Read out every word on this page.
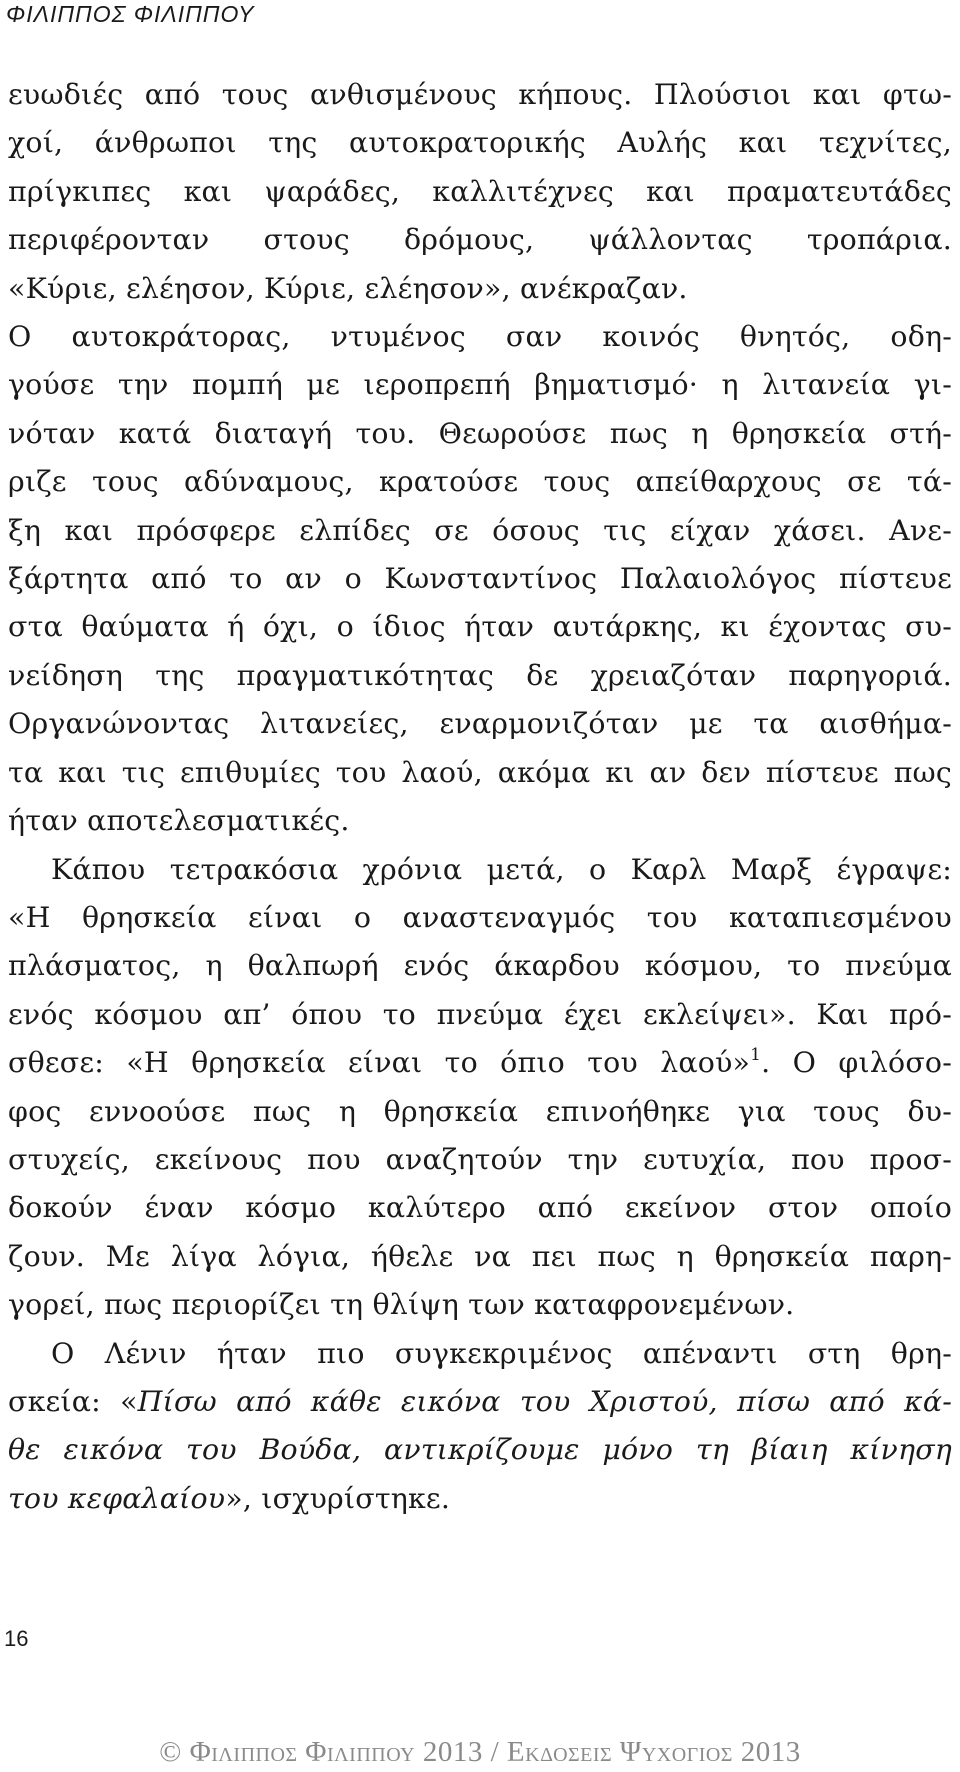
ΦΙΛΙΠΠΟΣ ΦΙΛΙΠΠΟΥ

ευωδιές από τους ανθισμένους κήπους. Πλούσιοι και φτω-

χοί, άνθρωποι της αυτοκρατορικής Αυλής και τεχνίτες,

πρίγκιπες και ψαράδες, καλλιτέχνες και πραματευτάδες

περιφέρονταν στους δρόμους, ψάλλοντας τροπάρια.

«Κύριε, ελέησον, Κύριε, ελέησον», ανέκραζαν.

Ο αυτοκράτορας, ντυμένος σαν κοινός θνητός, οδη-

γούσε την πομπή με ιεροπρεπή βηματισμό· η λιτανεία γι-

νόταν κατά διαταγή του. Θεωρούσε πως η θρησκεία στή-

ριζε τους αδύναμους, κρατούσε τους απείθαρχους σε τά-

ξη και πρόσφερε ελπίδες σε όσους τις είχαν χάσει. Ανε-

ξάρτητα από το αν ο Κωνσταντίνος Παλαιολόγος πίστευε

στα θαύματα ή όχι, ο ίδιος ήταν αυτάρκης, κι έχοντας συ-

νείδηση της πραγματικότητας δε χρειαζόταν παρηγοριά.

Οργανώνοντας λιτανείες, εναρμονιζόταν με τα αισθήμα-

τα και τις επιθυμίες του λαού, ακόμα κι αν δεν πίστευε πως

ήταν αποτελεσματικές.

Κάπου τετρακόσια χρόνια μετά, ο Καρλ Μαρξ έγραψε:

«Η θρησκεία είναι ο αναστεναγμός του καταπιεσμένου

πλάσματος, η θαλπωρή ενός άκαρδου κόσμου, το πνεύμα

ενός κόσμου απ’ όπου το πνεύμα έχει εκλείψει». Και πρό-

σθεσε: «Η θρησκεία είναι το όπιο του λαού»$^1$. Ο φιλόσο-

φος εννοούσε πως η θρησκεία επινοήθηκε για τους δυ-

στυχείς, εκείνους που αναζητούν την ευτυχία, που προσ-

δοκούν έναν κόσμο καλύτερο από εκείνον στον οποίο

ζουν. Με λίγα λόγια, ήθελε να πει πως η θρησκεία παρη-

γορεί, πως περιορίζει τη θλίψη των καταφρονεμένων.

Ο Λένιν ήταν πιο συγκεκριμένος απέναντι στη θρη-

σκεία: «Πίσω από κάθε εικόνα του Χριστού, πίσω από κά-

θε εικόνα του Βούδα, αντικρίζουμε μόνο τη βίαιη κίνηση

του κεφαλαίου», ισχυρίστηκε.

16
© Φιλιππος Φιλιππου 2013 / Εκδοσεις Ψυχογιος 2013
